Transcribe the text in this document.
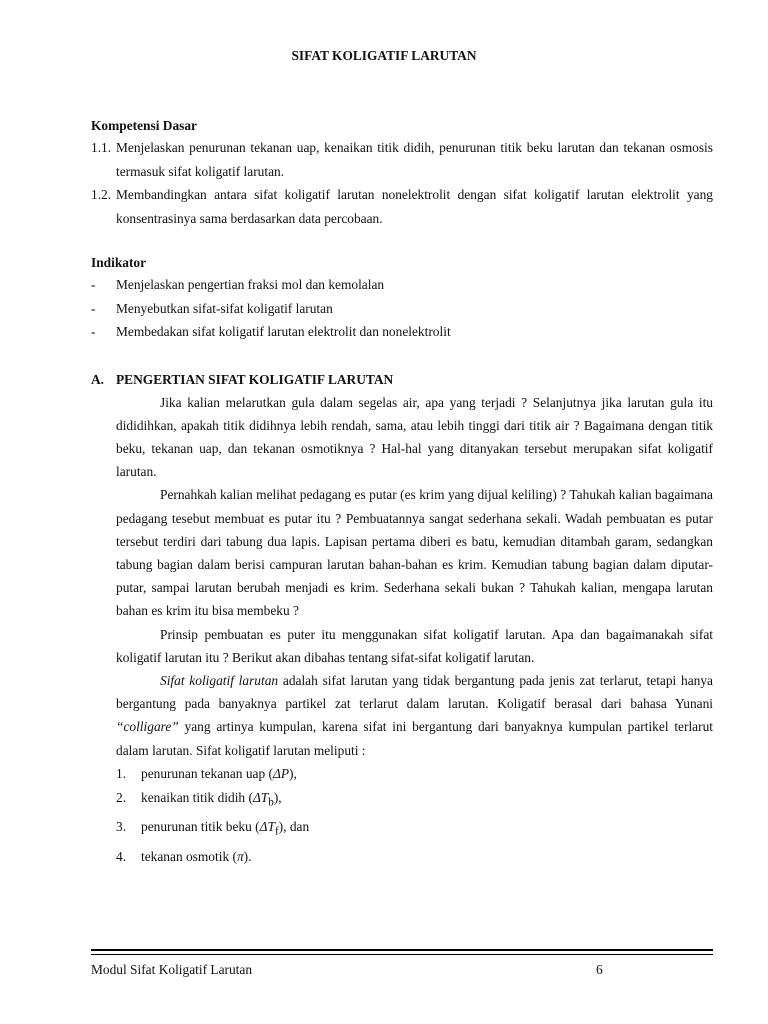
SIFAT KOLIGATIF LARUTAN
Kompetensi Dasar
1.1. Menjelaskan penurunan tekanan uap, kenaikan titik didih, penurunan titik beku larutan dan tekanan osmosis termasuk sifat koligatif larutan.
1.2. Membandingkan antara sifat koligatif larutan nonelektrolit dengan sifat koligatif larutan elektrolit yang konsentrasinya sama berdasarkan data percobaan.
Indikator
-	Menjelaskan pengertian fraksi mol dan kemolalan
-	Menyebutkan sifat-sifat koligatif larutan
-	Membedakan sifat koligatif larutan elektrolit dan nonelektrolit
A. PENGERTIAN SIFAT KOLIGATIF LARUTAN

Jika kalian melarutkan gula dalam segelas air, apa yang terjadi ? Selanjutnya jika larutan gula itu dididihkan, apakah titik didihnya lebih rendah, sama, atau lebih tinggi dari titik air ? Bagaimana dengan titik beku, tekanan uap, dan tekanan osmotiknya ? Hal-hal yang ditanyakan tersebut merupakan sifat koligatif larutan.

Pernahkah kalian melihat pedagang es putar (es krim yang dijual keliling) ? Tahukah kalian bagaimana pedagang tesebut membuat es putar itu ? Pembuatannya sangat sederhana sekali. Wadah pembuatan es putar tersebut terdiri dari tabung dua lapis. Lapisan pertama diberi es batu, kemudian ditambah garam, sedangkan tabung bagian dalam berisi campuran larutan bahan-bahan es krim. Kemudian tabung bagian dalam diputar-putar, sampai larutan berubah menjadi es krim. Sederhana sekali bukan ? Tahukah kalian, mengapa larutan bahan es krim itu bisa membeku ?

Prinsip pembuatan es puter itu menggunakan sifat koligatif larutan. Apa dan bagaimanakah sifat koligatif larutan itu ? Berikut akan dibahas tentang sifat-sifat koligatif larutan.

Sifat koligatif larutan adalah sifat larutan yang tidak bergantung pada jenis zat terlarut, tetapi hanya bergantung pada banyaknya partikel zat terlarut dalam larutan. Koligatif berasal dari bahasa Yunani “colligare” yang artinya kumpulan, karena sifat ini bergantung dari banyaknya kumpulan partikel terlarut dalam larutan. Sifat koligatif larutan meliputi :

1.	penurunan tekanan uap (ΔP),
2.	kenaikan titik didih $(\Delta T_b)$,
3.	penurunan titik beku $(\Delta T_f)$, dan
4.	tekanan osmotik (π).
Modul Sifat Koligatif Larutan	6
